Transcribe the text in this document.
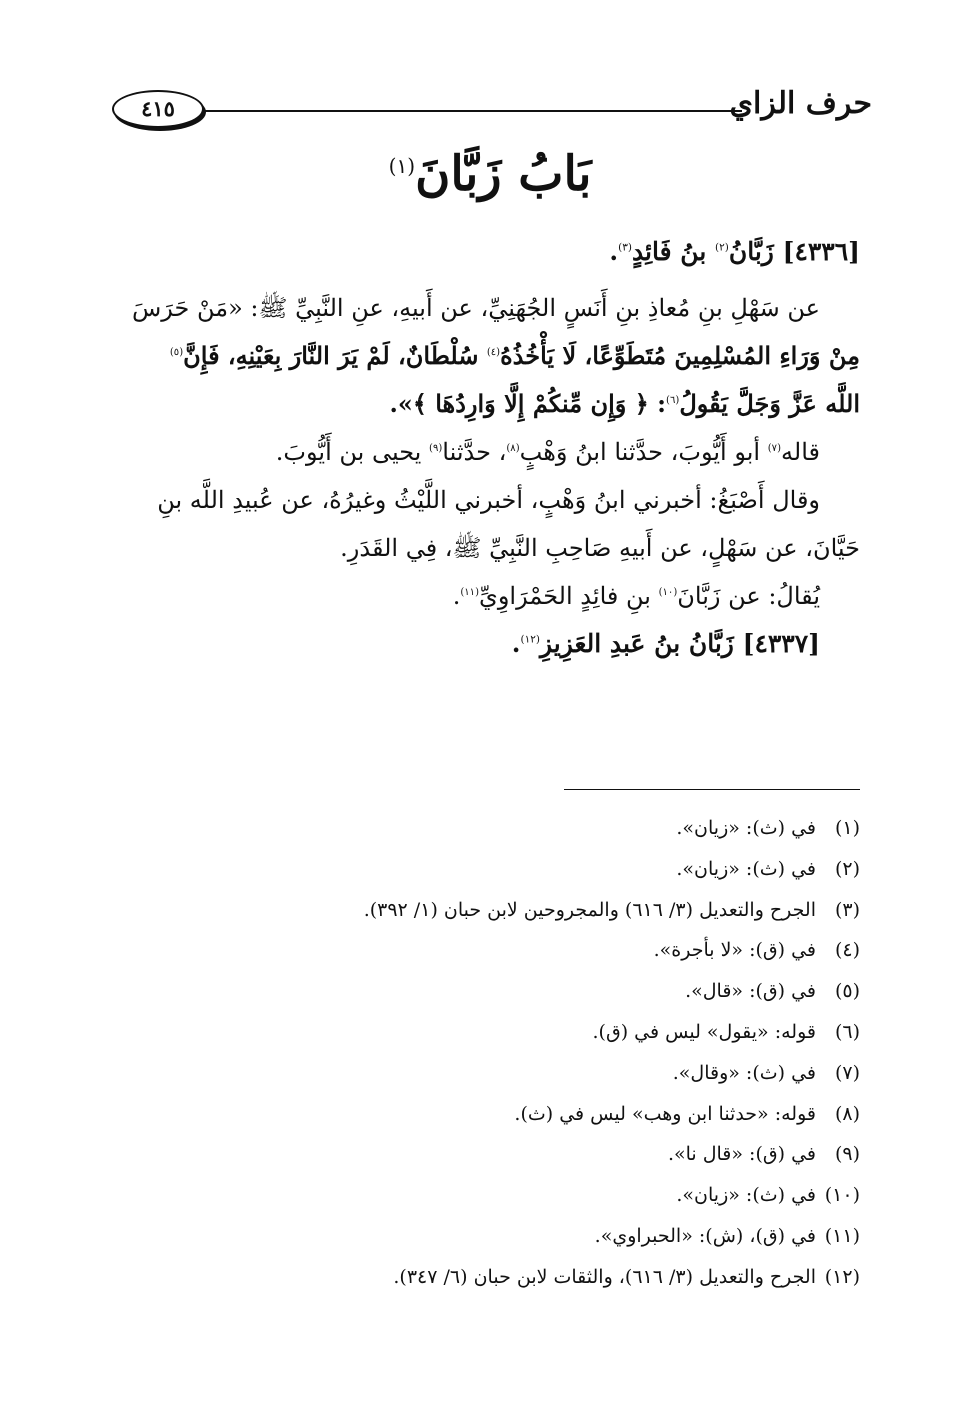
حرف الزاي
٤١٥
بَابُ زَبَّانَ$^{(١)}$

[٤٣٣٦] زَبَّانُ$^{(٢)}$ بنُ فَائِدٍ$^{(٣)}$.

عن سَهْلِ بنِ مُعاذِ بنِ أَنَسٍ الجُهَنِيِّ، عن أَبيهِ، عنِ النَّبِيِّ ﷺ: «مَنْ حَرَسَ

مِنْ وَرَاءِ المُسْلِمِينَ مُتَطَوِّعًا، لَا يَأْخُذُهُ$^{(٤)}$ سُلْطَانٌ، لَمْ يَرَ النَّارَ بِعَيْنِهِ، فَإِنَّ$^{(٥)}$

اللَّه عَزَّ وَجَلَّ يَقُولُ$^{(٦)}$: ﴿ وَإِن مِّنكُمْ إِلَّا وَارِدُهَا ﴾».

قاله$^{(٧)}$ أبو أَيُّوبَ، حدَّثنا ابنُ وَهْبٍ$^{(٨)}$، حدَّثنا$^{(٩)}$ يحيى بن أَيُّوبَ.

وقال أَصْبَغُ: أخبرني ابنُ وَهْبٍ، أخبرني اللَّيْثُ وغيرُهُ، عن عُبيدِ اللَّه بنِ

حَيَّانَ، عن سَهْلٍ، عن أَبيهِ صَاحِبِ النَّبِيِّ ﷺ، فِي القَدَرِ.

يُقالُ: عن زَبَّانَ$^{(١٠)}$ بنِ فائِدٍ الحَمْرَاوِيِّ$^{(١١)}$.

[٤٣٣٧] زَبَّانُ بنُ عَبدِ العَزِيزِ$^{(١٢)}$.

(١)في (ث): «زيان».
(٢)في (ث): «زيان».
(٣)الجرح والتعديل (٣/ ٦١٦) والمجروحين لابن حبان (١/ ٣٩٢).
(٤)في (ق): «لا بأجرة».
(٥)في (ق): «قال».
(٦)قوله: «يقول» ليس في (ق).
(٧)في (ث): «وقال».
(٨)قوله: «حدثنا ابن وهب» ليس في (ث).
(٩)في (ق): «قال نا».
(١٠)في (ث): «زيان».
(١١)في (ق)، (ش): «الحبراوي».
(١٢)الجرح والتعديل (٣/ ٦١٦)، والثقات لابن حبان (٦/ ٣٤٧).
